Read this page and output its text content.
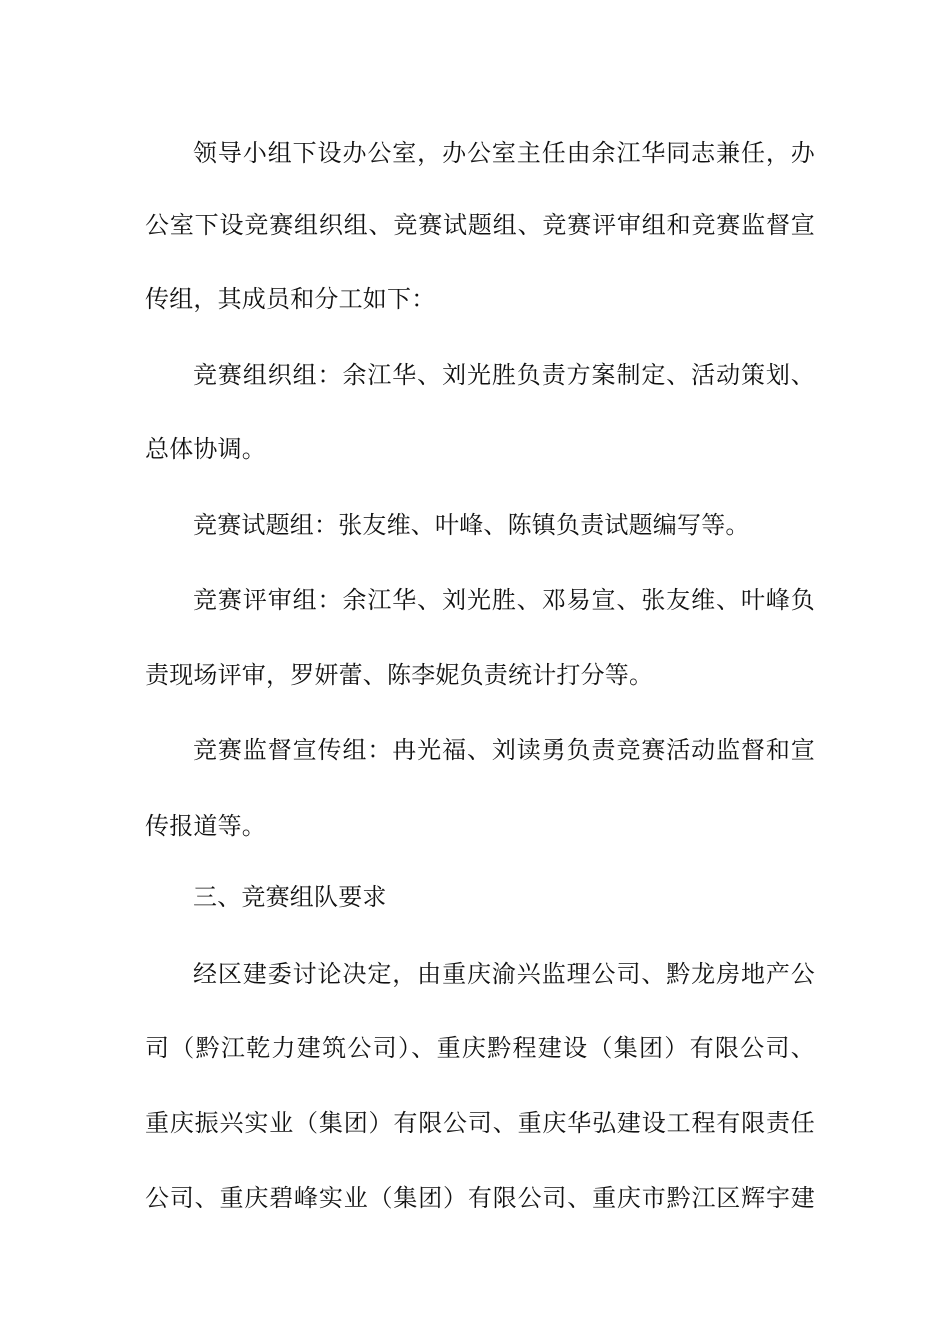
领导小组下设办公室，办公室主任由余江华同志兼任，办
公室下设竞赛组织组、竞赛试题组、竞赛评审组和竞赛监督宣
传组，其成员和分工如下：
竞赛组织组：余江华、刘光胜负责方案制定、活动策划、
总体协调。
竞赛试题组：张友维、叶峰、陈镇负责试题编写等。
竞赛评审组：余江华、刘光胜、邓易宣、张友维、叶峰负
责现场评审，罗妍蕾、陈李妮负责统计打分等。
竞赛监督宣传组：冉光福、刘读勇负责竞赛活动监督和宣
传报道等。
三、竞赛组队要求
经区建委讨论决定，由重庆渝兴监理公司、黔龙房地产公
司（黔江乾力建筑公司）、重庆黔程建设（集团）有限公司、
重庆振兴实业（集团）有限公司、重庆华弘建设工程有限责任
公司、重庆碧峰实业（集团）有限公司、重庆市黔江区辉宇建
